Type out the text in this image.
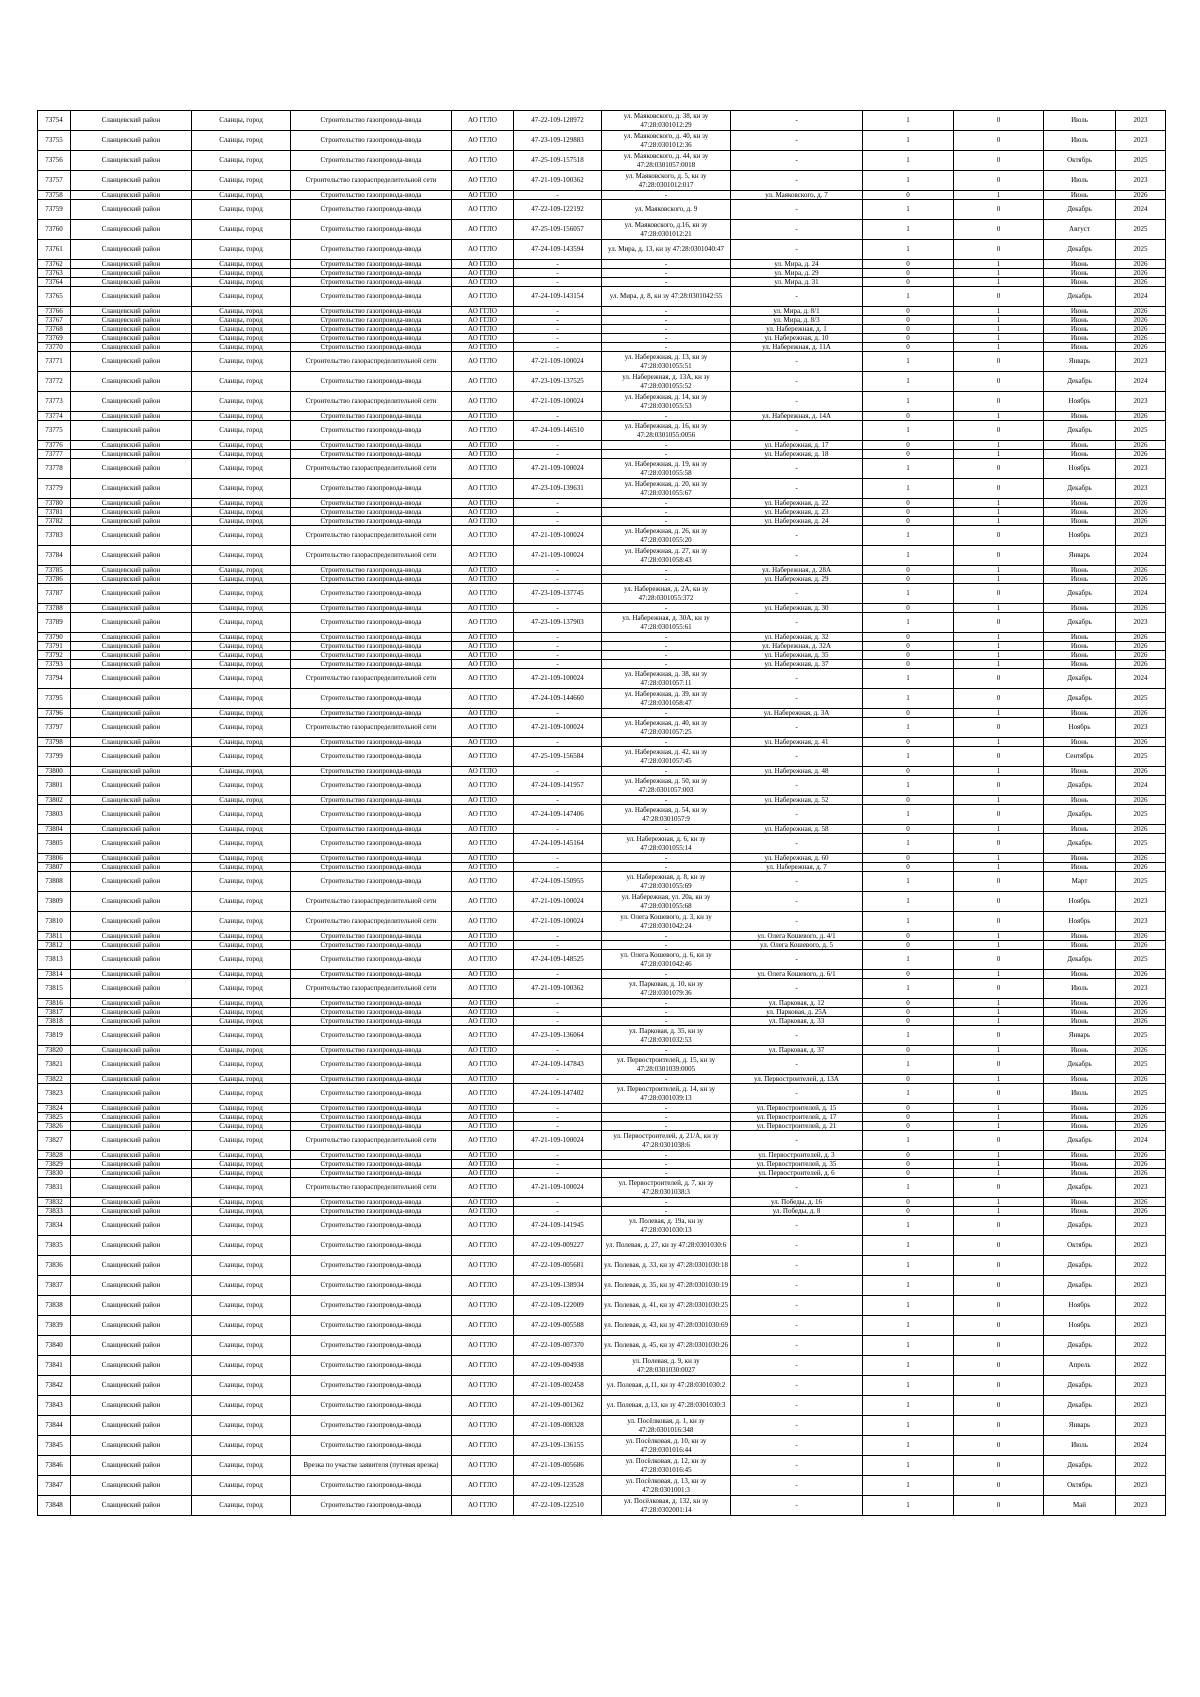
73754	Сланцевский район	Сланцы, город	Строительство газопровода-ввода	АО ГГЛО	47-22-109-128972	ул. Маяковского, д. 38, кн зу 47:28:0301012:29	-	1	0	Июль	2023
73755	Сланцевский район	Сланцы, город	Строительство газопровода-ввода	АО ГГЛО	47-23-109-129883	ул. Маяковского, д. 40, кн зу 47:28:0301012:36	-	1	0	Июль	2023
73756	Сланцевский район	Сланцы, город	Строительство газопровода-ввода	АО ГГЛО	47-25-109-157518	ул. Маяковского, д. 44, кн зу 47:28:0301057:0018	-	1	0	Октябрь	2025
73757	Сланцевский район	Сланцы, город	Строительство газораспределительной сети	АО ГГЛО	47-21-109-100362	ул. Маяковского, д. 5, кн зу 47:28:0301012:017	-	1	0	Июль	2023
73758	Сланцевский район	Сланцы, город	Строительство газопровода-ввода	АО ГГЛО	-	-	ул. Маяковского, д. 7	0	1	Июнь	2026
73759	Сланцевский район	Сланцы, город	Строительство газопровода-ввода	АО ГГЛО	47-22-109-122192	ул. Маяковского, д. 9	-	1	0	Декабрь	2024
73760	Сланцевский район	Сланцы, город	Строительство газопровода-ввода	АО ГГЛО	47-25-109-156057	ул. Маяковского, д.16, кн зу 47:28:0301012:21	-	1	0	Август	2025
73761	Сланцевский район	Сланцы, город	Строительство газопровода-ввода	АО ГГЛО	47-24-109-143594	ул. Мира, д. 13, кн зу 47:28:0301040:47	-	1	0	Декабрь	2025
73762	Сланцевский район	Сланцы, город	Строительство газопровода-ввода	АО ГГЛО	-	-	ул. Мира, д. 24	0	1	Июнь	2026
73763	Сланцевский район	Сланцы, город	Строительство газопровода-ввода	АО ГГЛО	-	-	ул. Мира, д. 29	0	1	Июнь	2026
73764	Сланцевский район	Сланцы, город	Строительство газопровода-ввода	АО ГГЛО	-	-	ул. Мира, д. 31	0	1	Июнь	2026
73765	Сланцевский район	Сланцы, город	Строительство газопровода-ввода	АО ГГЛО	47-24-109-143154	ул. Мира, д. 8, кн зу 47:28:0301042:55	-	1	0	Декабрь	2024
73766	Сланцевский район	Сланцы, город	Строительство газопровода-ввода	АО ГГЛО	-	-	ул. Мира, д. 8/1	0	1	Июнь	2026
73767	Сланцевский район	Сланцы, город	Строительство газопровода-ввода	АО ГГЛО	-	-	ул. Мира, д. 8/3	0	1	Июнь	2026
73768	Сланцевский район	Сланцы, город	Строительство газопровода-ввода	АО ГГЛО	-	-	ул. Набережная, д. 1	0	1	Июнь	2026
73769	Сланцевский район	Сланцы, город	Строительство газопровода-ввода	АО ГГЛО	-	-	ул. Набережная, д. 10	0	1	Июнь	2026
73770	Сланцевский район	Сланцы, город	Строительство газопровода-ввода	АО ГГЛО	-	-	ул. Набережная, д. 11А	0	1	Июнь	2026
73771	Сланцевский район	Сланцы, город	Строительство газораспределительной сети	АО ГГЛО	47-21-109-100024	ул. Набережная, д. 13, кн зу 47:28:0301055:51	-	1	0	Январь	2023
73772	Сланцевский район	Сланцы, город	Строительство газопровода-ввода	АО ГГЛО	47-23-109-137525	ул. Набережная, д. 13А, кн зу 47:28:0301055:52	-	1	0	Декабрь	2024
73773	Сланцевский район	Сланцы, город	Строительство газораспределительной сети	АО ГГЛО	47-21-109-100024	ул. Набережная, д. 14, кн зу 47:28:0301055:53	-	1	0	Ноябрь	2023
73774	Сланцевский район	Сланцы, город	Строительство газопровода-ввода	АО ГГЛО	-	-	ул. Набережная, д. 14А	0	1	Июнь	2026
73775	Сланцевский район	Сланцы, город	Строительство газопровода-ввода	АО ГГЛО	47-24-109-146510	ул. Набережная, д. 16, кн зу 47:28:0301055:0056	-	1	0	Декабрь	2025
73776	Сланцевский район	Сланцы, город	Строительство газопровода-ввода	АО ГГЛО	-	-	ул. Набережная, д. 17	0	1	Июнь	2026
73777	Сланцевский район	Сланцы, город	Строительство газопровода-ввода	АО ГГЛО	-	-	ул. Набережная, д. 18	0	1	Июнь	2026
73778	Сланцевский район	Сланцы, город	Строительство газораспределительной сети	АО ГГЛО	47-21-109-100024	ул. Набережная, д. 19, кн зу 47:28:0301055:58	-	1	0	Ноябрь	2023
73779	Сланцевский район	Сланцы, город	Строительство газопровода-ввода	АО ГГЛО	47-23-109-139631	ул. Набережная, д. 20, кн зу 47:28:0301055:67	-	1	0	Декабрь	2023
73780	Сланцевский район	Сланцы, город	Строительство газопровода-ввода	АО ГГЛО	-	-	ул. Набережная, д. 22	0	1	Июнь	2026
73781	Сланцевский район	Сланцы, город	Строительство газопровода-ввода	АО ГГЛО	-	-	ул. Набережная, д. 23	0	1	Июнь	2026
73782	Сланцевский район	Сланцы, город	Строительство газопровода-ввода	АО ГГЛО	-	-	ул. Набережная, д. 24	0	1	Июнь	2026
73783	Сланцевский район	Сланцы, город	Строительство газораспределительной сети	АО ГГЛО	47-21-109-100024	ул. Набережная, д. 26, кн зу 47:28:0301055:20	-	1	0	Ноябрь	2023
73784	Сланцевский район	Сланцы, город	Строительство газораспределительной сети	АО ГГЛО	47-21-109-100024	ул. Набережная, д. 27, кн зу 47:28:0301058:43	-	1	0	Январь	2024
73785	Сланцевский район	Сланцы, город	Строительство газопровода-ввода	АО ГГЛО	-	-	ул. Набережная, д. 28А	0	1	Июнь	2026
73786	Сланцевский район	Сланцы, город	Строительство газопровода-ввода	АО ГГЛО	-	-	ул. Набережная, д. 29	0	1	Июнь	2026
73787	Сланцевский район	Сланцы, город	Строительство газопровода-ввода	АО ГГЛО	47-23-109-137745	ул. Набережная, д. 2А, кн зу 47:28:0301055:372	-	1	0	Декабрь	2024
73788	Сланцевский район	Сланцы, город	Строительство газопровода-ввода	АО ГГЛО	-	-	ул. Набережная, д. 30	0	1	Июнь	2026
73789	Сланцевский район	Сланцы, город	Строительство газопровода-ввода	АО ГГЛО	47-23-109-137903	ул. Набережная, д. 30А, кн зу 47:28:0301055:61	-	1	0	Декабрь	2023
73790	Сланцевский район	Сланцы, город	Строительство газопровода-ввода	АО ГГЛО	-	-	ул. Набережная, д. 32	0	1	Июнь	2026
73791	Сланцевский район	Сланцы, город	Строительство газопровода-ввода	АО ГГЛО	-	-	ул. Набережная, д. 32А	0	1	Июнь	2026
73792	Сланцевский район	Сланцы, город	Строительство газопровода-ввода	АО ГГЛО	-	-	ул. Набережная, д. 35	0	1	Июнь	2026
73793	Сланцевский район	Сланцы, город	Строительство газопровода-ввода	АО ГГЛО	-	-	ул. Набережная, д. 37	0	1	Июнь	2026
73794	Сланцевский район	Сланцы, город	Строительство газораспределительной сети	АО ГГЛО	47-21-109-100024	ул. Набережная, д. 38, кн зу 47:28:0301057:11	-	1	0	Декабрь	2024
73795	Сланцевский район	Сланцы, город	Строительство газопровода-ввода	АО ГГЛО	47-24-109-144660	ул. Набережная, д. 39, кн зу 47:28:0301058:47	-	1	0	Декабрь	2025
73796	Сланцевский район	Сланцы, город	Строительство газопровода-ввода	АО ГГЛО	-	-	ул. Набережная, д. 3А	0	1	Июнь	2026
73797	Сланцевский район	Сланцы, город	Строительство газораспределительной сети	АО ГГЛО	47-21-109-100024	ул. Набережная, д. 40, кн зу 47:28:0301057:25	-	1	0	Ноябрь	2023
73798	Сланцевский район	Сланцы, город	Строительство газопровода-ввода	АО ГГЛО	-	-	ул. Набережная, д. 41	0	1	Июнь	2026
73799	Сланцевский район	Сланцы, город	Строительство газопровода-ввода	АО ГГЛО	47-25-109-156584	ул. Набережная, д. 42, кн зу 47:28:0301057:45	-	1	0	Сентябрь	2025
73800	Сланцевский район	Сланцы, город	Строительство газопровода-ввода	АО ГГЛО	-	-	ул. Набережная, д. 48	0	1	Июнь	2026
73801	Сланцевский район	Сланцы, город	Строительство газопровода-ввода	АО ГГЛО	47-24-109-141957	ул. Набережная, д. 50, кн зу 47:28:0301057:003	-	1	0	Декабрь	2024
73802	Сланцевский район	Сланцы, город	Строительство газопровода-ввода	АО ГГЛО	-	-	ул. Набережная, д. 52	0	1	Июнь	2026
73803	Сланцевский район	Сланцы, город	Строительство газопровода-ввода	АО ГГЛО	47-24-109-147406	ул. Набережная, д. 54, кн зу 47:28:0301057:9	-	1	0	Декабрь	2025
73804	Сланцевский район	Сланцы, город	Строительство газопровода-ввода	АО ГГЛО	-	-	ул. Набережная, д. 58	0	1	Июнь	2026
73805	Сланцевский район	Сланцы, город	Строительство газопровода-ввода	АО ГГЛО	47-24-109-145164	ул. Набережная, д. 6, кн зу 47:28:0301055:14	-	1	0	Декабрь	2025
73806	Сланцевский район	Сланцы, город	Строительство газопровода-ввода	АО ГГЛО	-	-	ул. Набережная, д. 60	0	1	Июнь	2026
73807	Сланцевский район	Сланцы, город	Строительство газопровода-ввода	АО ГГЛО	-	-	ул. Набережная, д. 7	0	1	Июнь	2026
73808	Сланцевский район	Сланцы, город	Строительство газопровода-ввода	АО ГГЛО	47-24-109-150955	ул. Набережная, д. 8, кн зу 47:28:0301055:69	-	1	0	Март	2025
73809	Сланцевский район	Сланцы, город	Строительство газораспределительной сети	АО ГГЛО	47-21-109-100024	ул. Набережная, ул. 20а, кн зу 47:28:0301055:68	-	1	0	Ноябрь	2023
73810	Сланцевский район	Сланцы, город	Строительство газораспределительной сети	АО ГГЛО	47-21-109-100024	ул. Олега Кошевого, д. 3, кн зу 47:28:0301042:24	-	1	0	Ноябрь	2023
73811	Сланцевский район	Сланцы, город	Строительство газопровода-ввода	АО ГГЛО	-	-	ул. Олега Кошевого, д. 4/1	0	1	Июнь	2026
73812	Сланцевский район	Сланцы, город	Строительство газопровода-ввода	АО ГГЛО	-	-	ул. Олега Кошевого, д. 5	0	1	Июнь	2026
73813	Сланцевский район	Сланцы, город	Строительство газопровода-ввода	АО ГГЛО	47-24-109-148525	ул. Олега Кошевого, д. 6, кн зу 47:28:0301042:46	-	1	0	Декабрь	2025
73814	Сланцевский район	Сланцы, город	Строительство газопровода-ввода	АО ГГЛО	-	-	ул. Олега Кошевого, д. 6/1	0	1	Июнь	2026
73815	Сланцевский район	Сланцы, город	Строительство газораспределительной сети	АО ГГЛО	47-21-109-100362	ул. Парковая, д. 10, кн зу 47:28:0301079:36	-	1	0	Июль	2023
73816	Сланцевский район	Сланцы, город	Строительство газопровода-ввода	АО ГГЛО	-	-	ул. Парковая, д. 12	0	1	Июнь	2026
73817	Сланцевский район	Сланцы, город	Строительство газопровода-ввода	АО ГГЛО	-	-	ул. Парковая, д. 25А	0	1	Июнь	2026
73818	Сланцевский район	Сланцы, город	Строительство газопровода-ввода	АО ГГЛО	-	-	ул. Парковая, д. 33	0	1	Июнь	2026
73819	Сланцевский район	Сланцы, город	Строительство газопровода-ввода	АО ГГЛО	47-23-109-136064	ул. Парковая, д. 35, кн зу 47:28:0301032:53	-	1	0	Январь	2025
73820	Сланцевский район	Сланцы, город	Строительство газопровода-ввода	АО ГГЛО	-	-	ул. Парковая, д. 37	0	1	Июнь	2026
73821	Сланцевский район	Сланцы, город	Строительство газопровода-ввода	АО ГГЛО	47-24-109-147843	ул. Первостроителей, д. 15, кн зу 47:28:0301039:0005	-	1	0	Декабрь	2025
73822	Сланцевский район	Сланцы, город	Строительство газопровода-ввода	АО ГГЛО	-	-	ул. Первостроителей, д. 13А	0	1	Июнь	2026
73823	Сланцевский район	Сланцы, город	Строительство газопровода-ввода	АО ГГЛО	47-24-109-147402	ул. Первостроителей, д. 14, кн зу 47:28:0301039:13	-	1	0	Июль	2025
73824	Сланцевский район	Сланцы, город	Строительство газопровода-ввода	АО ГГЛО	-	-	ул. Первостроителей, д. 15	0	1	Июнь	2026
73825	Сланцевский район	Сланцы, город	Строительство газопровода-ввода	АО ГГЛО	-	-	ул. Первостроителей, д. 17	0	1	Июнь	2026
73826	Сланцевский район	Сланцы, город	Строительство газопровода-ввода	АО ГГЛО	-	-	ул. Первостроителей, д. 21	0	1	Июнь	2026
73827	Сланцевский район	Сланцы, город	Строительство газораспределительной сети	АО ГГЛО	47-21-109-100024	ул. Первостроителей, д. 21/А, кн зу 47:28:0301038:6	-	1	0	Декабрь	2024
73828	Сланцевский район	Сланцы, город	Строительство газопровода-ввода	АО ГГЛО	-	-	ул. Первостроителей, д. 3	0	1	Июнь	2026
73829	Сланцевский район	Сланцы, город	Строительство газопровода-ввода	АО ГГЛО	-	-	ул. Первостроителей, д. 35	0	1	Июнь	2026
73830	Сланцевский район	Сланцы, город	Строительство газопровода-ввода	АО ГГЛО	-	-	ул. Первостроителей, д. 6	0	1	Июнь	2026
73831	Сланцевский район	Сланцы, город	Строительство газораспределительной сети	АО ГГЛО	47-21-109-100024	ул. Первостроителей, д. 7, кн зу 47:28:0301038:3	-	1	0	Декабрь	2023
73832	Сланцевский район	Сланцы, город	Строительство газопровода-ввода	АО ГГЛО	-	-	ул. Победы, д. 16	0	1	Июнь	2026
73833	Сланцевский район	Сланцы, город	Строительство газопровода-ввода	АО ГГЛО	-	-	ул. Победы, д. 8	0	1	Июнь	2026
73834	Сланцевский район	Сланцы, город	Строительство газопровода-ввода	АО ГГЛО	47-24-109-141945	ул. Полевая, д. 19а, кн зу 47:28:0301030:13	-	1	0	Декабрь	2023
73835	Сланцевский район	Сланцы, город	Строительство газопровода-ввода	АО ГГЛО	47-22-109-009227	ул. Полевая, д. 27, кн зу 47:28:0301030:6	-	1	0	Октябрь	2023
73836	Сланцевский район	Сланцы, город	Строительство газопровода-ввода	АО ГГЛО	47-22-109-005681	ул. Полевая, д. 33, кн зу 47:28:0301030:18	-	1	0	Декабрь	2022
73837	Сланцевский район	Сланцы, город	Строительство газопровода-ввода	АО ГГЛО	47-23-109-138934	ул. Полевая, д. 35, кн зу 47:28:0301030:19	-	1	0	Декабрь	2023
73838	Сланцевский район	Сланцы, город	Строительство газопровода-ввода	АО ГГЛО	47-22-109-122009	ул. Полевая, д. 41, кн зу 47:28:0301030:25	-	1	0	Ноябрь	2022
73839	Сланцевский район	Сланцы, город	Строительство газопровода-ввода	АО ГГЛО	47-22-109-005588	ул. Полевая, д. 43, кн зу 47:28:0301030:69	-	1	0	Ноябрь	2023
73840	Сланцевский район	Сланцы, город	Строительство газопровода-ввода	АО ГГЛО	47-22-109-007370	ул. Полевая, д. 45, кн зу 47:28:0301030:26	-	1	0	Декабрь	2022
73841	Сланцевский район	Сланцы, город	Строительство газопровода-ввода	АО ГГЛО	47-22-109-004938	ул. Полевая, д. 9, кн зу 47:28:0301030:0027	-	1	0	Апрель	2022
73842	Сланцевский район	Сланцы, город	Строительство газопровода-ввода	АО ГГЛО	47-21-109-002458	ул. Полевая, д.11, кн зу 47:28:0301030:2	-	1	0	Декабрь	2023
73843	Сланцевский район	Сланцы, город	Строительство газопровода-ввода	АО ГГЛО	47-21-109-001362	ул. Полевая, д.13, кн зу 47:28:0301030:3	-	1	0	Декабрь	2023
73844	Сланцевский район	Сланцы, город	Строительство газопровода-ввода	АО ГГЛО	47-21-109-008328	ул. Посёлковая, д. 1, кн зу 47:28:0301016:348	-	1	0	Январь	2023
73845	Сланцевский район	Сланцы, город	Строительство газопровода-ввода	АО ГГЛО	47-23-109-136155	ул. Посёлковая, д. 10, кн зу 47:28:0301016:44	-	1	0	Июль	2024
73846	Сланцевский район	Сланцы, город	Врезка по участке заявителя (путевая врезка)	АО ГГЛО	47-21-109-005686	ул. Посёлковая, д. 12, кн зу 47:28:0301016:45	-	1	0	Декабрь	2022
73847	Сланцевский район	Сланцы, город	Строительство газопровода-ввода	АО ГГЛО	47-22-109-123528	ул. Посёлковая, д. 13, кн зу 47:28:0301001:3	-	1	0	Октябрь	2023
73848	Сланцевский район	Сланцы, город	Строительство газопровода-ввода	АО ГГЛО	47-22-109-122510	ул. Посёлковая, д. 132, кн зу 47:28:0302001:14	-	1	0	Май	2023
